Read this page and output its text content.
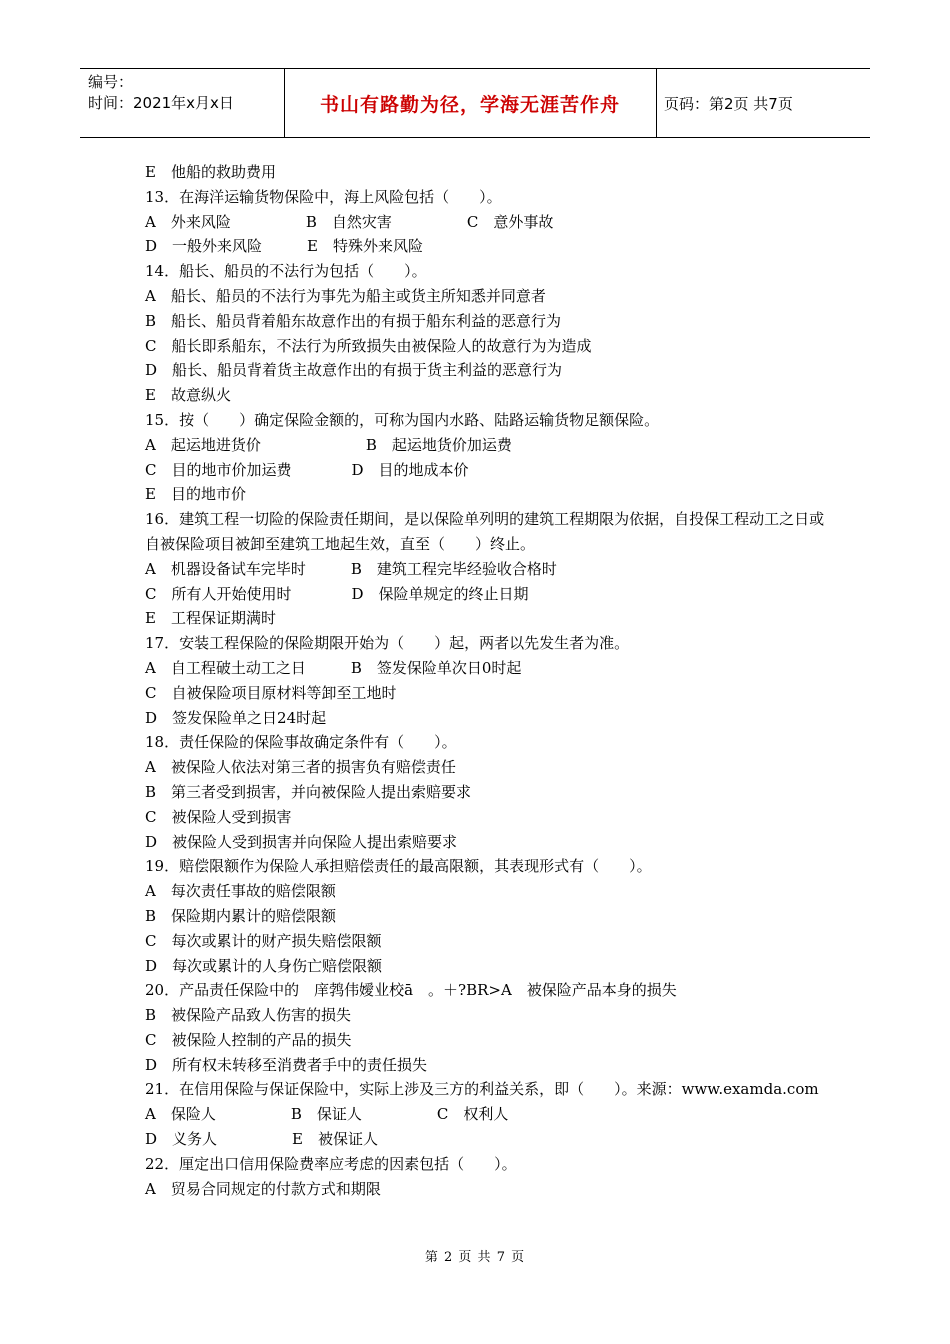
编号：
时间：2021年x月x日	书山有路勤为径，学海无涯苦作舟	页码：第2页 共7页
E　他船的救助费用
13．在海洋运输货物保险中，海上风险包括（　　）。
A　外来风险　　　　　B　自然灾害　　　　　C　意外事故
D　一般外来风险　　　E　特殊外来风险
14．船长、船员的不法行为包括（　　）。
A　船长、船员的不法行为事先为船主或货主所知悉并同意者
B　船长、船员背着船东故意作出的有损于船东利益的恶意行为
C　船长即系船东，不法行为所致损失由被保险人的故意行为为造成
D　船长、船员背着货主故意作出的有损于货主利益的恶意行为
E　故意纵火
15．按（　　）确定保险金额的，可称为国内水路、陆路运输货物足额保险。
A　起运地进货价　　　　　　　B　起运地货价加运费
C　目的地市价加运费　　　　D　目的地成本价
E　目的地市价
16．建筑工程一切险的保险责任期间，是以保险单列明的建筑工程期限为依据，自投保工程动工之日或自被保险项目被卸至建筑工地起生效，直至（　　）终止。
A　机器设备试车完毕时　　　B　建筑工程完毕经验收合格时
C　所有人开始使用时　　　　D　保险单规定的终止日期
E　工程保证期满时
17．安装工程保险的保险期限开始为（　　）起，两者以先发生者为准。
A　自工程破土动工之日　　　B　签发保险单次日0时起
C　自被保险项目原材料等卸至工地时
D　签发保险单之日24时起
18．责任保险的保险事故确定条件有（　　）。
A　被保险人依法对第三者的损害负有赔偿责任
B　第三者受到损害，并向被保险人提出索赔要求
C　被保险人受到损害
D　被保险人受到损害并向保险人提出索赔要求
19．赔偿限额作为保险人承担赔偿责任的最高限额，其表现形式有（　　）。
A　每次责任事故的赔偿限额
B　保险期内累计的赔偿限额
C　每次或累计的财产损失赔偿限额
D　每次或累计的人身伤亡赔偿限额
20．产品责任保险中的　庠鹁伟嬡业校ā　。＋?BR>A　被保险产品本身的损失
B　被保险产品致人伤害的损失
C　被保险人控制的产品的损失
D　所有权未转移至消费者手中的责任损失
21．在信用保险与保证保险中，实际上涉及三方的利益关系，即（　　）。来源：www.examda.com
A　保险人　　　　　B　保证人　　　　　C　权利人
D　义务人　　　　　E　被保证人
22．厘定出口信用保险费率应考虑的因素包括（　　）。
A　贸易合同规定的付款方式和期限
第 2 页 共 7 页
